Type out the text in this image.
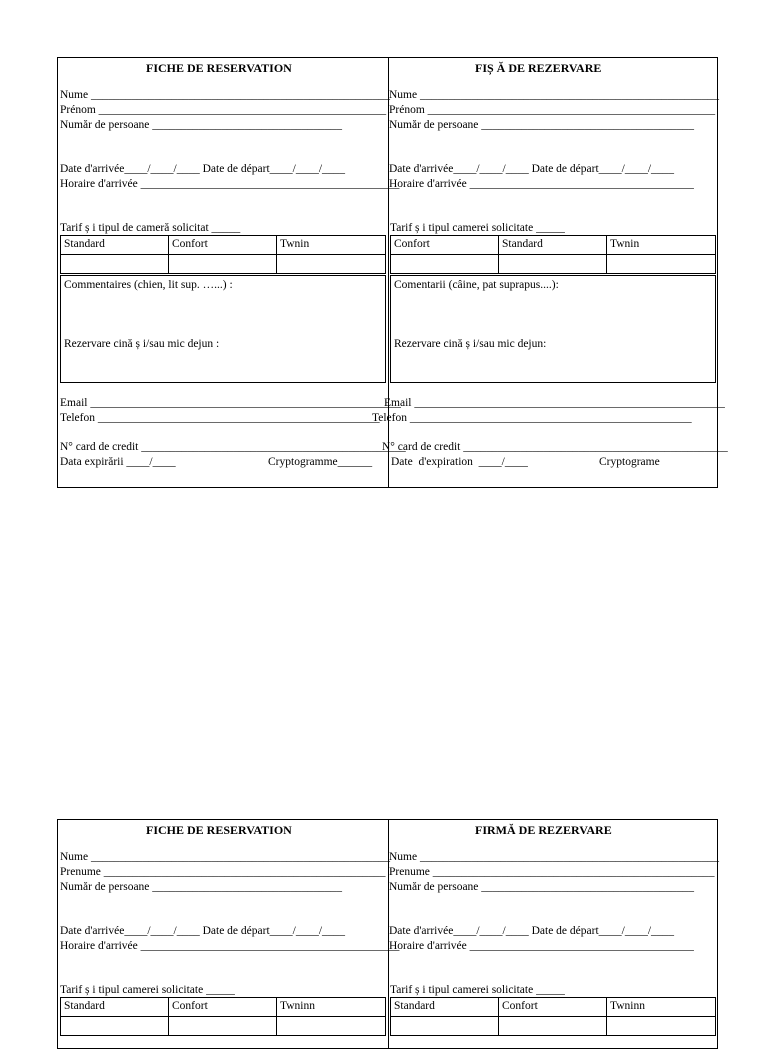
FICHE DE RESERVATION
Nume ____________________________________________________
Prénom __________________________________________________
Număr de persoane _________________________________
Date d'arrivée____/____/____ Date de départ____/____/____
Horaire d'arrivée _____________________________________________
Tarif ș i tipul de cameră solicitat _____
Standard	Confort	Twnin

Commentaires (chien, lit sup. …...) :
Rezervare cină ș i/sau mic dejun :
Email ______________________________________________________
Telefon _________________________________________________
N° card de credit ______________________________________________
Data expirării ____/____	Cryptogramme______
FIȘ Ă DE REZERVARE
Nume ____________________________________________________
Prénom __________________________________________________
Număr de persoane _____________________________________
Date d'arrivée____/____/____ Date de départ____/____/____
Horaire d'arrivée _______________________________________
Tarif ș i tipul camerei solicitate _____
Confort	Standard	Twnin

Comentarii (câine, pat suprapus....):
Rezervare cină ș i/sau mic dejun:
Email ______________________________________________________
Telefon _________________________________________________
N° card de credit ______________________________________________
Date  d'expiration  ____/____	Cryptograme
FICHE DE RESERVATION
Nume ____________________________________________________
Prenume _________________________________________________
Număr de persoane _________________________________
Date d'arrivée____/____/____ Date de départ____/____/____
Horaire d'arrivée _____________________________________________
Tarif ș i tipul camerei solicitate _____
Standard	Confort	Twninn

FIRMĂ DE REZERVARE
Nume ____________________________________________________
Prenume _________________________________________________
Număr de persoane _____________________________________
Date d'arrivée____/____/____ Date de départ____/____/____
Horaire d'arrivée _______________________________________
Tarif ș i tipul camerei solicitate _____
Standard	Confort	Twninn
